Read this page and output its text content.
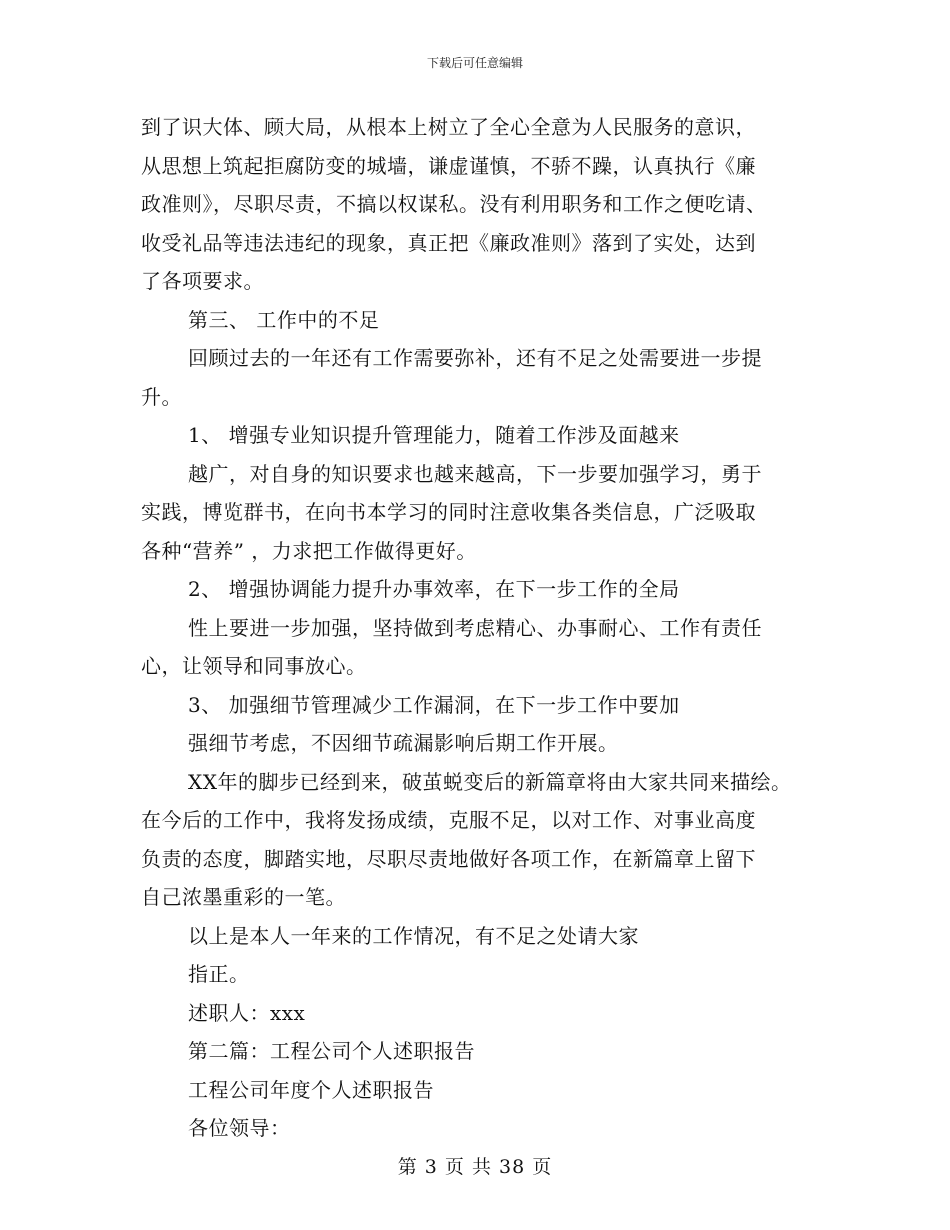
下载后可任意编辑
到了识大体、顾大局，从根本上树立了全心全意为人民服务的意识，
从思想上筑起拒腐防变的城墙，谦虚谨慎，不骄不躁，认真执行《廉
政准则》，尽职尽责，不搞以权谋私。没有利用职务和工作之便吃请、
收受礼品等违法违纪的现象，真正把《廉政准则》落到了实处，达到
了各项要求。
第三、 工作中的不足
回顾过去的一年还有工作需要弥补，还有不足之处需要进一步提
升。
1、 增强专业知识提升管理能力，随着工作涉及面越来
越广，对自身的知识要求也越来越高，下一步要加强学习，勇于
实践，博览群书，在向书本学习的同时注意收集各类信息，广泛吸取
各种“营养” ，力求把工作做得更好。
2、 增强协调能力提升办事效率，在下一步工作的全局
性上要进一步加强，坚持做到考虑精心、办事耐心、工作有责任
心，让领导和同事放心。
3、 加强细节管理减少工作漏洞，在下一步工作中要加
强细节考虑，不因细节疏漏影响后期工作开展。
XX年的脚步已经到来，破茧蜕变后的新篇章将由大家共同来描绘。
在今后的工作中，我将发扬成绩，克服不足，以对工作、对事业高度
负责的态度，脚踏实地，尽职尽责地做好各项工作，在新篇章上留下
自己浓墨重彩的一笔。
以上是本人一年来的工作情况，有不足之处请大家
指正。
述职人：xxx
第二篇：工程公司个人述职报告
工程公司年度个人述职报告
各位领导：
第 3 页 共 38 页
